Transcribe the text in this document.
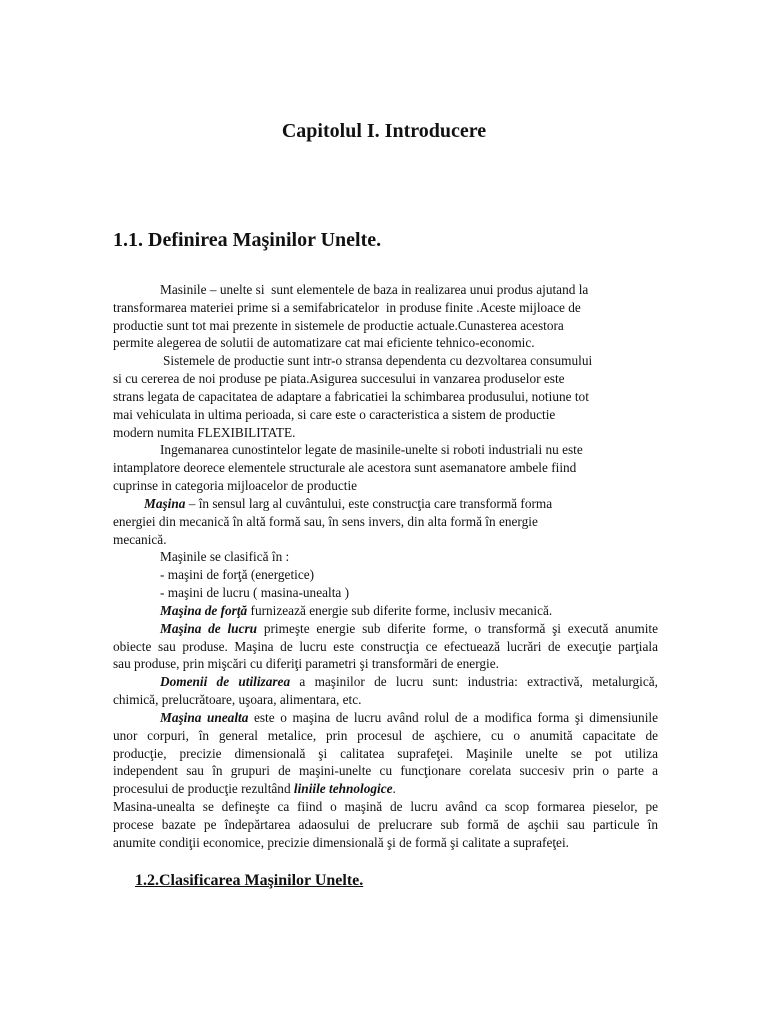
Capitolul I. Introducere
1.1. Definirea Maşinilor Unelte.
Masinile – unelte si  sunt elementele de baza in realizarea unui produs ajutand la
transformarea materiei prime si a semifabricatelor  in produse finite .Aceste mijloace de
productie sunt tot mai prezente in sistemele de productie actuale.Cunasterea acestora
permite alegerea de solutii de automatizare cat mai eficiente tehnico-economic.
Sistemele de productie sunt intr-o stransa dependenta cu dezvoltarea consumului
si cu cererea de noi produse pe piata.Asigurea succesului in vanzarea produselor este
strans legata de capacitatea de adaptare a fabricatiei la schimbarea produsului, notiune tot
mai vehiculata in ultima perioada, si care este o caracteristica a sistem de productie
modern numita FLEXIBILITATE.
Ingemanarea cunostintelor legate de masinile-unelte si roboti industriali nu este
intamplatore deorece elementele structurale ale acestora sunt asemanatore ambele fiind
cuprinse in categoria mijloacelor de productie
Maşina – în sensul larg al cuvântului, este construcţia care transformă forma
energiei din mecanică în altă formă sau, în sens invers, din alta formă în energie
mecanică.
Maşinile se clasifică în :
- maşini de forţă (energetice)
- maşini de lucru ( masina-unealta )
Maşina de forţă furnizează energie sub diferite forme, inclusiv mecanică.
Maşina de lucru primeşte energie sub diferite forme, o transformă şi execută anumite
obiecte sau produse. Maşina de lucru este construcţia ce efectuează lucrări de execuţie parţiala
sau produse, prin mişcări cu diferiţi parametri şi transformări de energie.
Domenii de utilizarea a maşinilor de lucru sunt: industria: extractivă, metalurgică,
chimică, prelucrătoare, uşoara, alimentara, etc.
Maşina unealta este o maşina de lucru având rolul de a modifica forma şi dimensiunile
unor corpuri, în general metalice, prin procesul de aşchiere, cu o anumită capacitate de
producţie, precizie dimensională şi calitatea suprafeţei. Maşinile unelte se pot utiliza
independent sau în grupuri de maşini-unelte cu funcţionare corelata succesiv prin o parte a
procesului de producţie rezultând liniile tehnologice.
Masina-unealta se defineşte ca fiind o maşină de lucru având ca scop formarea pieselor, pe
procese bazate pe îndepărtarea adaosului de prelucrare sub formă de aşchii sau particule în
anumite condiţii economice, precizie dimensională şi de formă şi calitate a suprafeţei.
1.2.Clasificarea Maşinilor Unelte.
